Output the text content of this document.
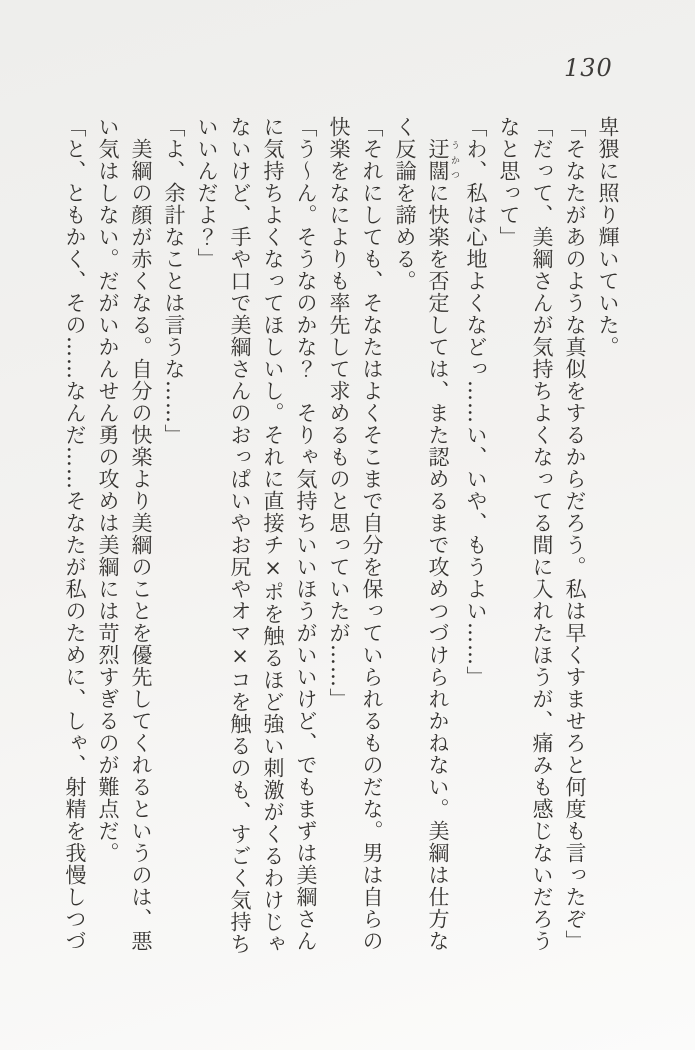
130

卑猥に照り輝いていた。

「そなたがあのような真似をするからだろう。私は早くすませろと何度も言ったぞ」

「だって、美綱さんが気持ちよくなってる間に入れたほうが、痛みも感じないだろうなと思って」

「わ、私は心地よくなどっ……い、いや、もうよい……」

　迂闊 うかつに快楽を否定しては、また認めるまで攻めつづけられかねない。美綱は仕方なく反論を諦める。

「それにしても、そなたはよくそこまで自分を保っていられるものだな。男は自らの快楽をなによりも率先して求めるものと思っていたが……」

「う～ん。そうなのかな？　そりゃ気持ちいいほうがいいけど、でもまずは美綱さんに気持ちよくなってほしいし。それに直接チ×ポを触るほど強い刺激がくるわけじゃないけど、手や口で美綱さんのおっぱいやお尻やオマ×コを触るのも、すごく気持ちいいんだよ？」

「よ、余計なことは言うな……」

　美綱の顔が赤くなる。自分の快楽より美綱のことを優先してくれるというのは、悪い気はしない。だがいかんせん勇の攻めは美綱には苛烈すぎるのが難点だ。

「と、ともかく、その……なんだ……そなたが私のために、しゃ、射精を我慢しつづ
